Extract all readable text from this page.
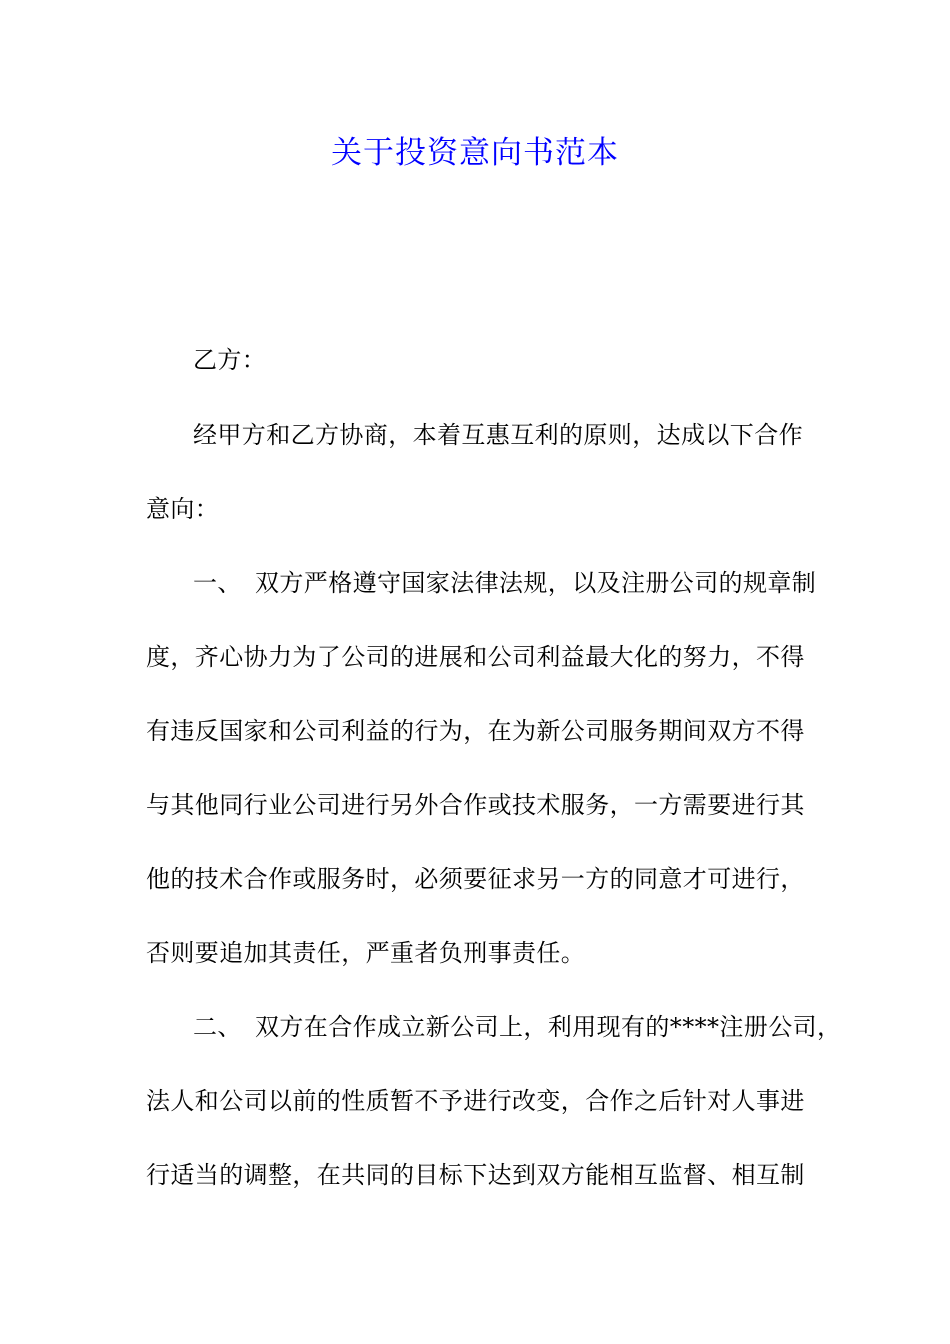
关于投资意向书范本
乙方：
经甲方和乙方协商，本着互惠互利的原则，达成以下合作
意向：
一、 双方严格遵守国家法律法规，以及注册公司的规章制
度，齐心协力为了公司的进展和公司利益最大化的努力，不得
有违反国家和公司利益的行为，在为新公司服务期间双方不得
与其他同行业公司进行另外合作或技术服务，一方需要进行其
他的技术合作或服务时，必须要征求另一方的同意才可进行，
否则要追加其责任，严重者负刑事责任。
二、 双方在合作成立新公司上，利用现有的****注册公司，
法人和公司以前的性质暂不予进行改变，合作之后针对人事进
行适当的调整，在共同的目标下达到双方能相互监督、相互制
